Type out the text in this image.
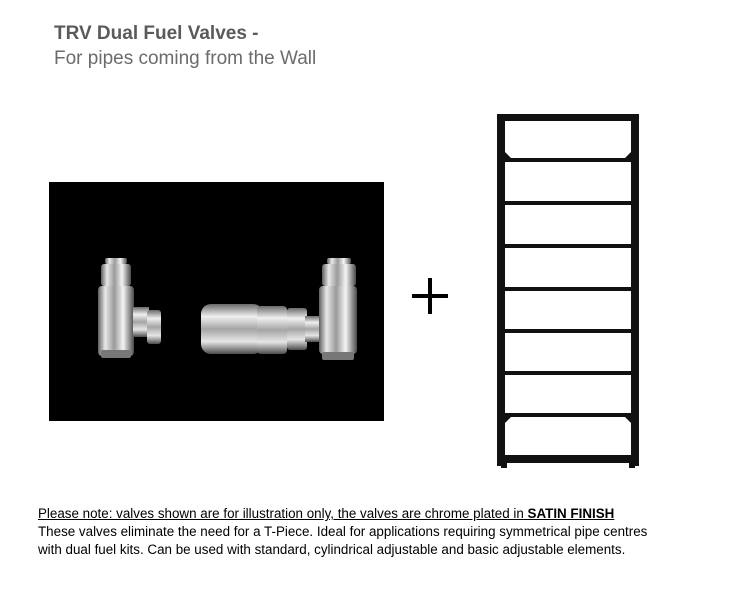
TRV Dual Fuel Valves -
For pipes coming from the Wall
Please note: valves shown are for illustration only, the valves are chrome plated in SATIN FINISH
These valves eliminate the need for a T-Piece. Ideal for applications requiring symmetrical pipe centres
with dual fuel kits. Can be used with standard, cylindrical adjustable and basic adjustable elements.
